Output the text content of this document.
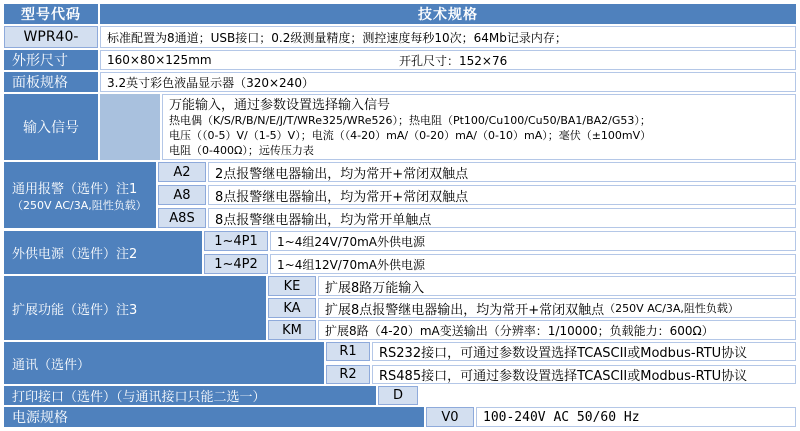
型号代码	技术规格
WPR40-	标准配置为8通道；USB接口；0.2级测量精度；测控速度每秒10次；64Mb记录内存；
外形尺寸	160×80×125mm	开孔尺寸：152×76
面板规格	3.2英寸彩色液晶显示器（320×240）
输入信号
万能输入，通过参数设置选择输入信号
热电偶（K/S/R/B/N/E/J/T/WRe325/WRe526）；热电阻（Pt100/Cu100/Cu50/BA1/BA2/G53）；
电压（（0-5）V/（1-5）V）；电流（（4-20）mA/（0-20）mA/（0-10）mA）；毫伏（±100mV）
电阻（0-400Ω）；远传压力表
通用报警（选件）注1
（250V AC/3A,阻性负载）
A2	2点报警继电器输出，均为常开+常闭双触点
A8	8点报警继电器输出，均为常开+常闭双触点
A8S	8点报警继电器输出，均为常开单触点
外供电源（选件）注2
1~4P1	1~4组24V/70mA外供电源
1~4P2	1~4组12V/70mA外供电源
扩展功能（选件）注3
KE	扩展8路万能输入
KA	扩展8点报警继电器输出，均为常开+常闭双触点 （250V AC/3A,阻性负载）
KM	扩展8路（4-20）mA变送输出（分辨率：1/10000；负载能力：600Ω）
通讯（选件）
R1	RS232接口，可通过参数设置选择TCASCII或Modbus-RTU协议
R2	RS485接口，可通过参数设置选择TCASCII或Modbus-RTU协议
打印接口（选件）（与通讯接口只能二选一）	D
电源规格	V0	100-240V AC 50/60 Hz
